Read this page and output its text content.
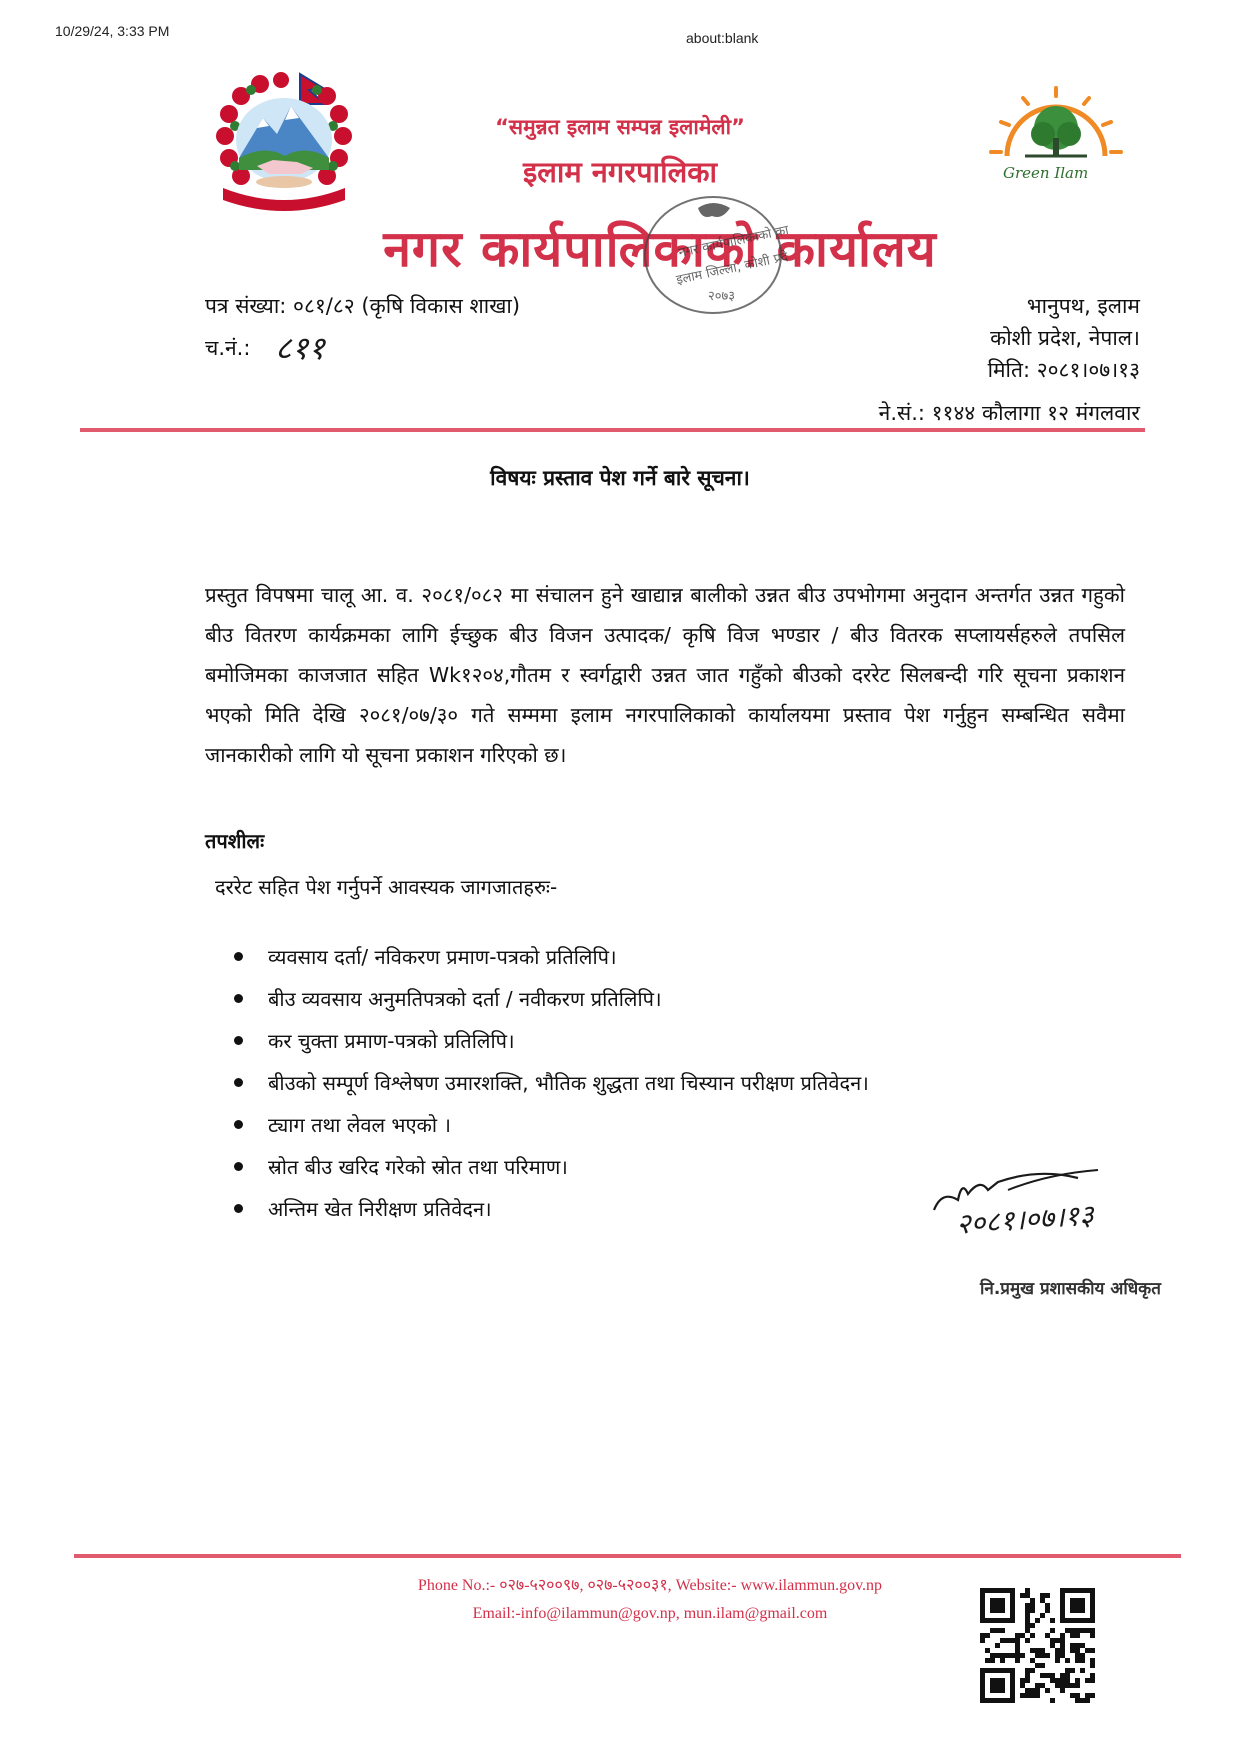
10/29/24, 3:33 PM	about:blank
Green Ilam
“समुन्नत इलाम सम्पन्न इलामेली”
इलाम नगरपालिका
नगर कार्यपालिकाको कार्यालय
नगर कार्यपालिकाको कार्यालय
इलाम जिल्ला, कोशी प्रदेश,नेपाल
२०७३
पत्र संख्या: ०८१/८२ (कृषि विकास शाखा)
च.नं.: ८११
भानुपथ, इलाम
कोशी प्रदेश, नेपाल।
मिति: २०८१।०७।१३
ने.सं.: ११४४ कौलागा १२ मंगलवार
विषयः प्रस्ताव पेश गर्ने बारे सूचना।
प्रस्तुत विपषमा चालू आ. व. २०८१/०८२ मा संचालन हुने खाद्यान्न बालीको उन्नत बीउ उपभोगमा अनुदान अन्तर्गत उन्नत गहुको बीउ वितरण कार्यक्रमका लागि ईच्छुक बीउ विजन उत्पादक/ कृषि विज भण्डार / बीउ वितरक सप्लायर्सहरुले तपसिल बमोजिमका काजजात सहित Wk१२०४,गौतम र स्वर्गद्वारी उन्नत जात गहुँको बीउको दररेट सिलबन्दी गरि सूचना प्रकाशन भएको मिति देखि २०८१/०७/३० गते सम्ममा इलाम नगरपालिकाको कार्यालयमा प्रस्ताव पेश गर्नुहुन सम्बन्धित सवैमा जानकारीको लागि यो सूचना प्रकाशन गरिएको छ।
तपशीलः
दररेट सहित पेश गर्नुपर्ने आवस्यक जागजातहरुः-
व्यवसाय दर्ता/ नविकरण प्रमाण-पत्रको प्रतिलिपि।
बीउ व्यवसाय अनुमतिपत्रको दर्ता / नवीकरण प्रतिलिपि।
कर चुक्ता प्रमाण-पत्रको प्रतिलिपि।
बीउको सम्पूर्ण विश्लेषण उमारशक्ति, भौतिक शुद्धता तथा चिस्यान परीक्षण प्रतिवेदन।
ट्याग तथा लेवल भएको ।
स्रोत बीउ खरिद गरेको स्रोत तथा परिमाण।
अन्तिम खेत निरीक्षण प्रतिवेदन।	२०८१।०७।१३
नि.प्रमुख प्रशासकीय अधिकृत
Phone No.:- ०२७-५२००९७, ०२७-५२००३१, Website:- www.ilammun.gov.np
Email:-info@ilammun@gov.np, mun.ilam@gmail.com
